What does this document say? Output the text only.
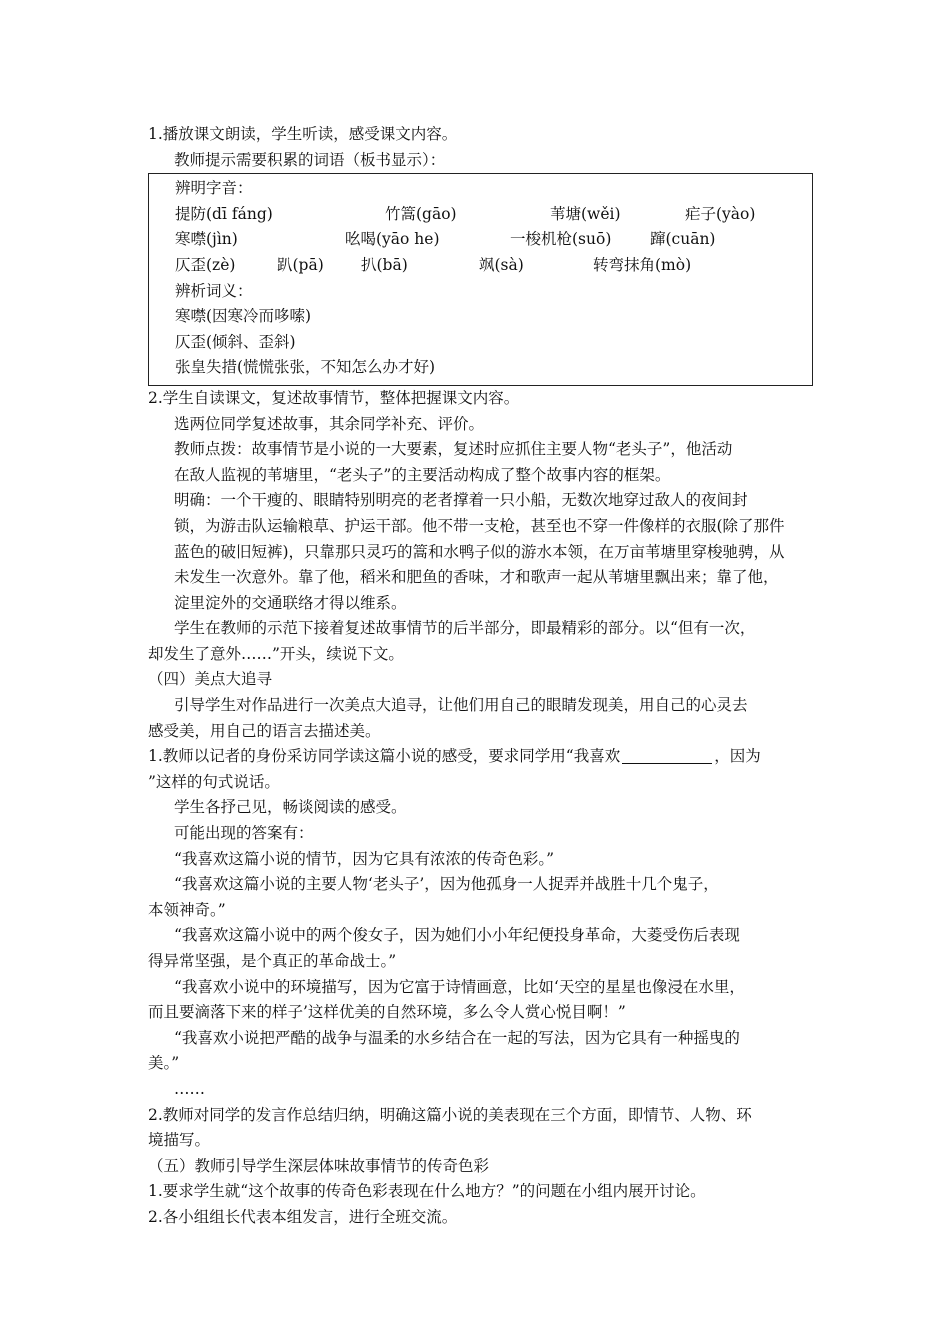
1.播放课文朗读，学生听读，感受课文内容。
教师提示需要积累的词语（板书显示）：
辨明字音：
提防(dī fáng)	竹篙(gāo)	苇塘(wěi)	疟子(yào)
寒噤(jìn)	吆喝(yāo he)	一梭机枪(suō)	蹿(cuān)
仄歪(zè)	趴(pā)	扒(bā)	飒(sà)	转弯抹角(mò)
辨析词义：
寒噤(因寒冷而哆嗦)
仄歪(倾斜、歪斜)
张皇失措(慌慌张张，不知怎么办才好)
2.学生自读课文，复述故事情节，整体把握课文内容。
选两位同学复述故事，其余同学补充、评价。
教师点拨：故事情节是小说的一大要素，复述时应抓住主要人物“老头子”，他活动
在敌人监视的苇塘里，“老头子”的主要活动构成了整个故事内容的框架。
明确：一个干瘦的、眼睛特别明亮的老者撑着一只小船，无数次地穿过敌人的夜间封
锁，为游击队运输粮草、护运干部。他不带一支枪，甚至也不穿一件像样的衣服(除了那件
蓝色的破旧短裤)，只靠那只灵巧的篙和水鸭子似的游水本领，在万亩苇塘里穿梭驰骋，从
未发生一次意外。靠了他，稻米和肥鱼的香味，才和歌声一起从苇塘里飘出来；靠了他，
淀里淀外的交通联络才得以维系。
学生在教师的示范下接着复述故事情节的后半部分，即最精彩的部分。以“但有一次，
却发生了意外……”开头，续说下文。
（四）美点大追寻
引导学生对作品进行一次美点大追寻，让他们用自己的眼睛发现美，用自己的心灵去
感受美，用自己的语言去描述美。
1.教师以记者的身份采访同学读这篇小说的感受，要求同学用“我喜欢	，因为
”这样的句式说话。
学生各抒己见，畅谈阅读的感受。
可能出现的答案有：
“我喜欢这篇小说的情节，因为它具有浓浓的传奇色彩。”
“我喜欢这篇小说的主要人物‘老头子’，因为他孤身一人捉弄并战胜十几个鬼子，
本领神奇。”
“我喜欢这篇小说中的两个俊女子，因为她们小小年纪便投身革命，大菱受伤后表现
得异常坚强，是个真正的革命战士。”
“我喜欢小说中的环境描写，因为它富于诗情画意，比如‘天空的星星也像浸在水里，
而且要滴落下来的样子’这样优美的自然环境，多么令人赏心悦目啊！”
“我喜欢小说把严酷的战争与温柔的水乡结合在一起的写法，因为它具有一种摇曳的
美。”
……
2.教师对同学的发言作总结归纳，明确这篇小说的美表现在三个方面，即情节、人物、环
境描写。
（五）教师引导学生深层体味故事情节的传奇色彩
1.要求学生就“这个故事的传奇色彩表现在什么地方？”的问题在小组内展开讨论。
2.各小组组长代表本组发言，进行全班交流。
